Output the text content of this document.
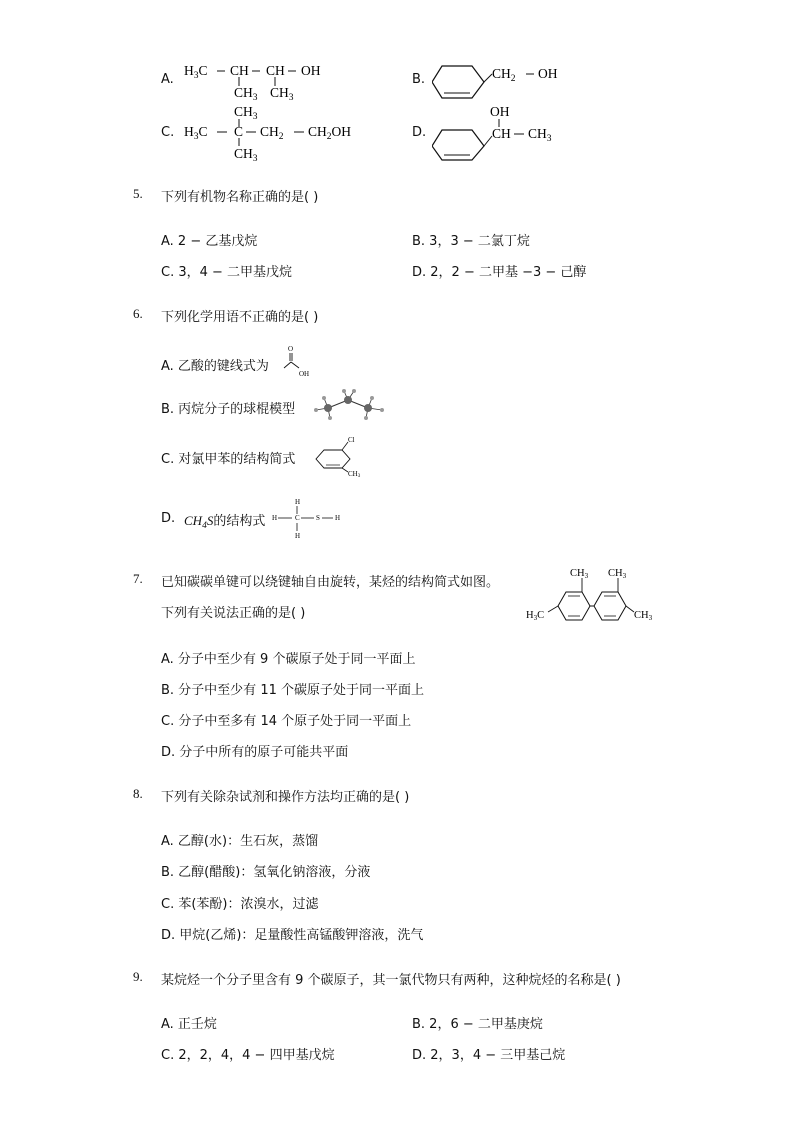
A.
$H_3C$ CH CH OH
$CH_3$ $CH_3$
B.	$CH_2$ OH
C.
$CH_3$
$H_3C$ C $CH_2$ $CH_2OH$
$CH_3$
D.
OH
CH $CH_3$
5. 下列有机物名称正确的是( )
A. 2 − 乙基戊烷	B. 3，3 − 二氯丁烷
C. 3，4 − 二甲基戊烷	D. 2，2 − 二甲基 −3 − 己醇
6. 下列化学用语不正确的是( )
A. 乙酸的键线式为
O
OH
B. 丙烷分子的球棍模型
C. 对氯甲苯的结构简式
Cl
CH3
D. $CH_4S$的结构式
H
H	C S H
H
7. 已知碳碳单键可以绕键轴自由旋转，某烃的结构简式如图。
下列有关说法正确的是( )
CH3 CH3
H3C	CH3
A. 分子中至少有 9 个碳原子处于同一平面上
B. 分子中至少有 11 个碳原子处于同一平面上
C. 分子中至多有 14 个原子处于同一平面上
D. 分子中所有的原子可能共平面
8. 下列有关除杂试剂和操作方法均正确的是( )
A. 乙醇(水)：生石灰，蒸馏
B. 乙醇(醋酸)：氢氧化钠溶液，分液
C. 苯(苯酚)：浓溴水，过滤
D. 甲烷(乙烯)：足量酸性高锰酸钾溶液，洗气
9. 某烷烃一个分子里含有 9 个碳原子，其一氯代物只有两种，这种烷烃的名称是( )
A. 正壬烷	B. 2，6 − 二甲基庚烷
C. 2，2，4，4 − 四甲基戊烷	D. 2，3，4 − 三甲基己烷
